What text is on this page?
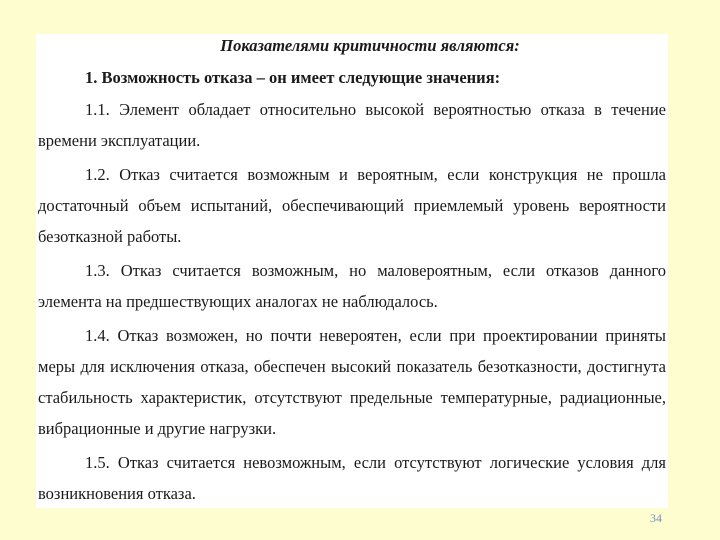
Показателями критичности являются:
1. Возможность отказа – он имеет следующие значения:

1.1. Элемент обладает относительно высокой вероятностью отказа в течение времени эксплуатации.

1.2. Отказ считается возможным и вероятным, если конструкция не прошла достаточный объем испытаний, обеспечивающий приемлемый уровень вероятности безотказной работы.

1.3. Отказ считается возможным, но маловероятным, если отказов данного элемента на предшествующих аналогах не наблюдалось.

1.4. Отказ возможен, но почти невероятен, если при проектировании приняты меры для исключения отказа, обеспечен высокий показатель безотказности, достигнута стабильность характеристик, отсутствуют предельные температурные, радиационные, вибрационные и другие нагрузки.

1.5. Отказ считается невозможным, если отсутствуют логические условия для возникновения отказа.

34
